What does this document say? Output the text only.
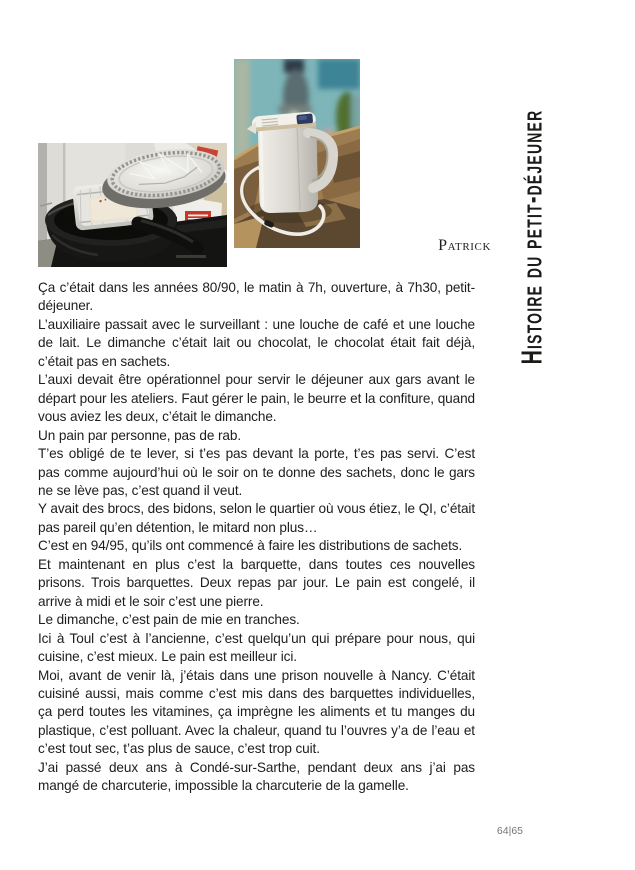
Patrick Histoire du petit-déjeuner

Ça c’était dans les années 80/90, le matin à 7h, ouverture, à 7h30, petit-déjeuner.

L’auxiliaire passait avec le surveillant : une louche de café et une louche de lait. Le dimanche c’était lait ou chocolat, le chocolat était fait déjà, c’était pas en sachets.

L’auxi devait être opérationnel pour servir le déjeuner aux gars avant le départ pour les ateliers. Faut gérer le pain, le beurre et la confiture, quand vous aviez les deux, c’était le dimanche.

Un pain par personne, pas de rab.

T’es obligé de te lever, si t’es pas devant la porte, t’es pas servi. C’est pas comme aujourd’hui où le soir on te donne des sachets, donc le gars ne se lève pas, c’est quand il veut.

Y avait des brocs, des bidons, selon le quartier où vous étiez, le QI, c’était pas pareil qu’en détention, le mitard non plus…

C’est en 94/95, qu’ils ont commencé à faire les distributions de sachets.

Et maintenant en plus c’est la barquette, dans toutes ces nouvelles prisons. Trois barquettes. Deux repas par jour. Le pain est congelé, il arrive à midi et le soir c’est une pierre.

Le dimanche, c’est pain de mie en tranches.

Ici à Toul c’est à l’ancienne, c’est quelqu’un qui prépare pour nous, qui cuisine, c’est mieux. Le pain est meilleur ici.

Moi, avant de venir là, j’étais dans une prison nouvelle à Nancy. C’était cuisiné aussi, mais comme c’est mis dans des barquettes individuelles, ça perd toutes les vitamines, ça imprègne les aliments et tu manges du plastique, c’est polluant. Avec la chaleur, quand tu l’ouvres y’a de l’eau et c’est tout sec, t’as plus de sauce, c’est trop cuit.

J’ai passé deux ans à Condé-sur-Sarthe, pendant deux ans j’ai pas mangé de charcuterie, impossible la charcuterie de la gamelle.

64|65
